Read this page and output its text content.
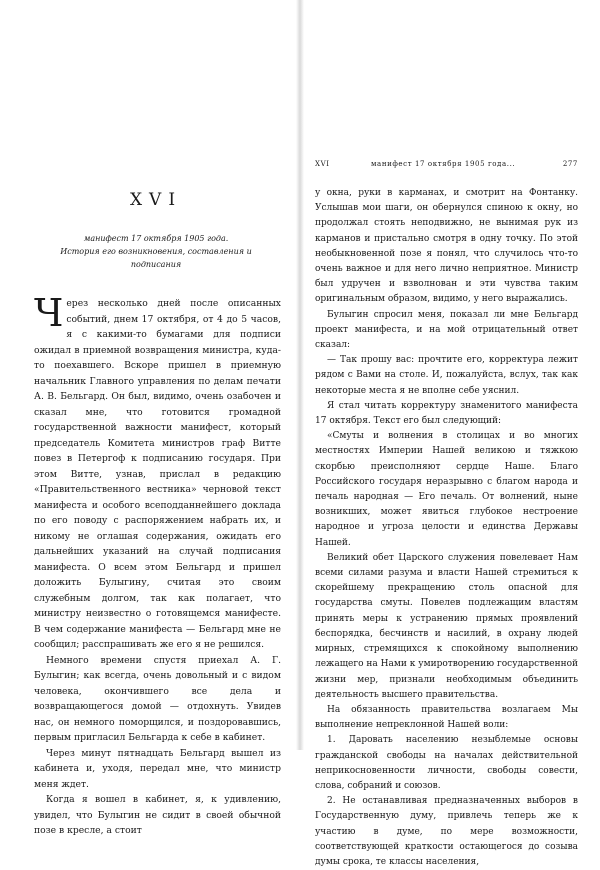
XVI
манифест 17 октября 1905 года.
История его возникновения, составления и подписания

Через несколько дней после описанных событий, днем 17 октября, от 4 до 5 часов, я с какими-то бумагами для подписи ожидал в приемной возвращения министра, куда-то поехавшего. Вскоре пришел в приемную начальник Главного управления по делам печати А. В. Бельгард. Он был, видимо, очень озабочен и сказал мне, что готовится громадной государственной важности манифест, который председатель Комитета министров граф Витте повез в Петергоф к подписанию государя. При этом Витте, узнав, прислал в редакцию «Правительственного вестника» черновой текст манифеста и особого всеподданнейшего доклада по его поводу с распоряжением набрать их, и никому не оглашая содержания, ожидать его дальнейших указаний на случай подписания манифеста. О всем этом Бельгард и пришел доложить Булыгину, считая это своим служебным долгом, так как полагает, что министру неизвестно о готовящемся манифесте. В чем содержание манифеста — Бельгард мне не сообщил; расспрашивать же его я не решился.

Немного времени спустя приехал А. Г. Булыгин; как всегда, очень довольный и с видом человека, окончившего все дела и возвращающегося домой — отдохнуть. Увидев нас, он немного поморщился, и поздоровавшись, первым пригласил Бельгарда к себе в кабинет.

Через минут пятнадцать Бельгард вышел из кабинета и, уходя, передал мне, что министр меня ждет.

Когда я вошел в кабинет, я, к удивлению, увидел, что Булыгин не сидит в своей обычной позе в кресле, а стоит

XVI	манифест 17 октября 1905 года...	277

у окна, руки в карманах, и смотрит на Фонтанку. Услышав мои шаги, он обернулся спиною к окну, но продолжал стоять неподвижно, не вынимая рук из карманов и пристально смотря в одну точку. По этой необыкновенной позе я понял, что случилось что-то очень важное и для него лично неприятное. Министр был удручен и взволнован и эти чувства таким оригинальным образом, видимо, у него выражались.

Булыгин спросил меня, показал ли мне Бельгард проект манифеста, и на мой отрицательный ответ сказал:

— Так прошу вас: прочтите его, корректура лежит рядом с Вами на столе. И, пожалуйста, вслух, так как некоторые места я не вполне себе уяснил.

Я стал читать корректуру знаменитого манифеста 17 октября. Текст его был следующий:

«Смуты и волнения в столицах и во многих местностях Империи Нашей великою и тяжкою скорбью преисполняют сердце Наше. Благо Российского государя неразрывно с благом народа и печаль народная — Его печаль. От волнений, ныне возникших, может явиться глубокое нестроение народное и угроза целости и единства Державы Нашей.

Великий обет Царского служения повелевает Нам всеми силами разума и власти Нашей стремиться к скорейшему прекращению столь опасной для государства смуты. Повелев подлежащим властям принять меры к устранению прямых проявлений беспорядка, бесчинств и насилий, в охрану людей мирных, стремящихся к спокойному выполнению лежащего на Нами к умиротворению государственной жизни мер, признали необходимым объединить деятельность высшего правительства.

На обязанность правительства возлагаем Мы выполнение непреклонной Нашей воли:

1. Даровать населению незыблемые основы гражданской свободы на началах действительной неприкосновенности личности, свободы совести, слова, собраний и союзов.

2. Не останавливая предназначенных выборов в Государственную думу, привлечь теперь же к участию в думе, по мере возможности, соответствующей краткости остающегося до созыва думы срока, те классы населения,
